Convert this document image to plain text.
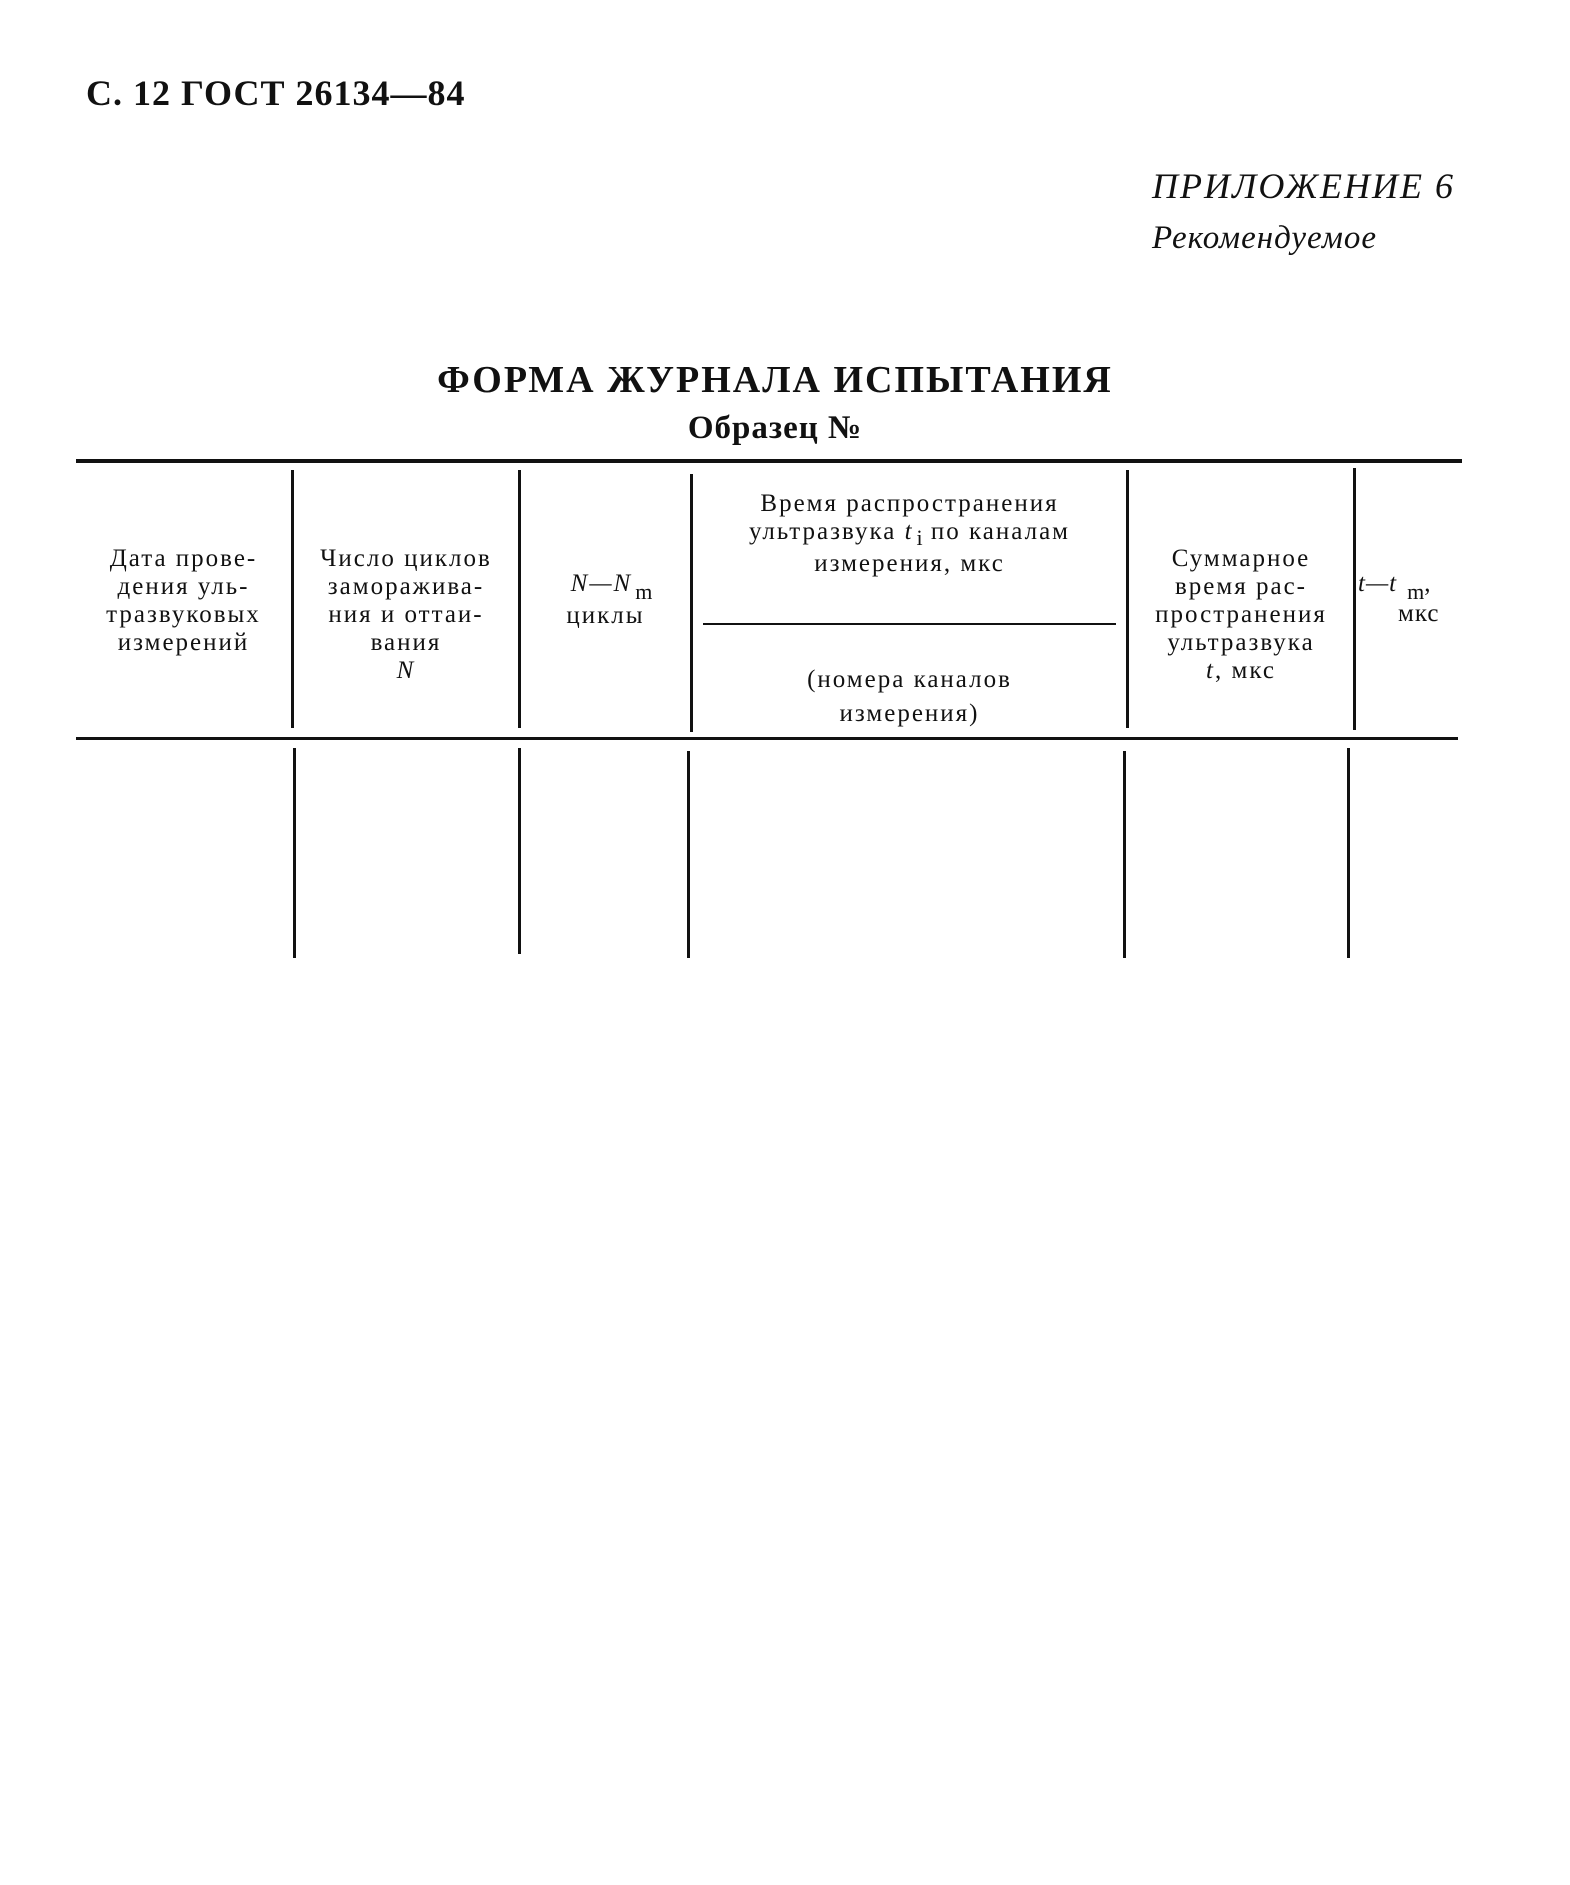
С. 12 ГОСТ 26134—84
ПРИЛОЖЕНИЕ 6
Рекомендуемое
ФОРМА ЖУРНАЛА ИСПЫТАНИЯ
Образец №
Дата прове-
дения уль-
тразвуковых
измерений
Число циклов
заморажива-
ния и оттаи-
вания
N
N—N m
циклы
Время распространения
ультразвука t i по каналам
измерения, мкс
(номера каналов
измерения)
Суммарное
время рас-
пространения
ультразвука
t, мкс
t—t m,
мкс
